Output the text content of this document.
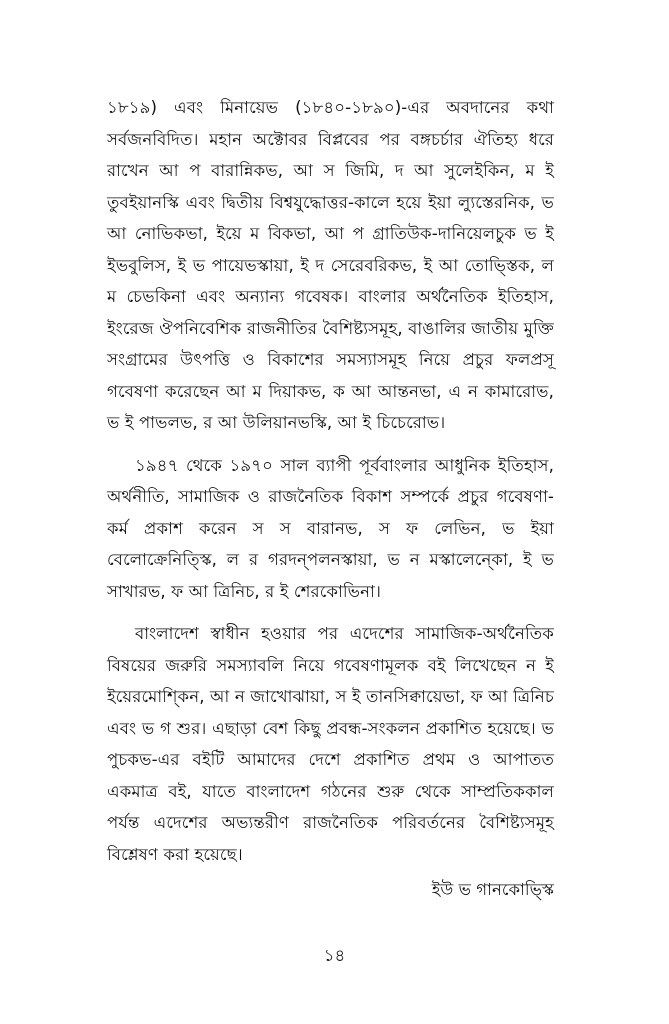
১৮১৯) এবং মিনায়েভ (১৮৪০-১৮৯০)-এর অবদানের কথা সর্বজনবিদিত। মহান অক্টোবর বিপ্লবের পর বঙ্গচর্চার ঐতিহ্য ধরে রাখেন আ প বারান্নিকভ, আ স জিমি, দ আ সুলেইকিন, ম ই তুবইয়ানস্কি এবং দ্বিতীয় বিশ্বযুদ্ধোত্তর-কালে হয়ে ইয়া ল্যুস্তেরনিক, ভ আ নোভিকভা, ইয়ে ম বিকভা, আ প গ্রাতিউক-দানিয়েলচুক ভ ই ইভবুলিস, ই ভ পায়েভস্কায়া, ই দ সেরেবরিকভ, ই আ তোভ্স্তিক, ল ম চেভকিনা এবং অন্যান্য গবেষক। বাংলার অর্থনৈতিক ইতিহাস, ইংরেজ ঔপনিবেশিক রাজনীতির বৈশিষ্ট্যসমূহ, বাঙালির জাতীয় মুক্তি সংগ্রামের উৎপত্তি ও বিকাশের সমস্যাসমূহ নিয়ে প্রচুর ফলপ্রসূ গবেষণা করেছেন আ ম দিয়াকভ, ক আ আন্তনভা, এ ন কামারোভ, ভ ই পাভলভ, র আ উলিয়ানভস্কি, আ ই চিচেরোভ।

১৯৪৭ থেকে ১৯৭০ সাল ব্যাপী পূর্ববাংলার আধুনিক ইতিহাস, অর্থনীতি, সামাজিক ও রাজনৈতিক বিকাশ সম্পর্কে প্রচুর গবেষণা-কর্ম প্রকাশ করেন স স বারানভ, স ফ লেভিন, ভ ইয়া বেলোক্রেনিত্স্কি, ল র গরদন্পলনস্কায়া, ভ ন মস্কালেন্কো, ই ভ সাখারভ, ফ আ ত্রিনিচ, র ই শেরকোভিনা।

বাংলাদেশ স্বাধীন হওয়ার পর এদেশের সামাজিক-অর্থনৈতিক বিষয়ের জরুরি সমস্যাবলি নিয়ে গবেষণামূলক বই লিখেছেন ন ই ইয়েরমোশ্কিন, আ ন জাখোঝায়া, স ই তানসিক্বায়েভা, ফ আ ত্রিনিচ এবং ভ গ শুর। এছাড়া বেশ কিছু প্রবন্ধ-সংকলন প্রকাশিত হয়েছে। ভ পুচকভ-এর বইটি আমাদের দেশে প্রকাশিত প্রথম ও আপাতত একমাত্র বই, যাতে বাংলাদেশ গঠনের শুরু থেকে সাম্প্রতিককাল পর্যন্ত এদেশের অভ্যন্তরীণ রাজনৈতিক পরিবর্তনের বৈশিষ্ট্যসমূহ বিশ্লেষণ করা হয়েছে।

ইউ ভ গানকোভ্স্কি

১৪
